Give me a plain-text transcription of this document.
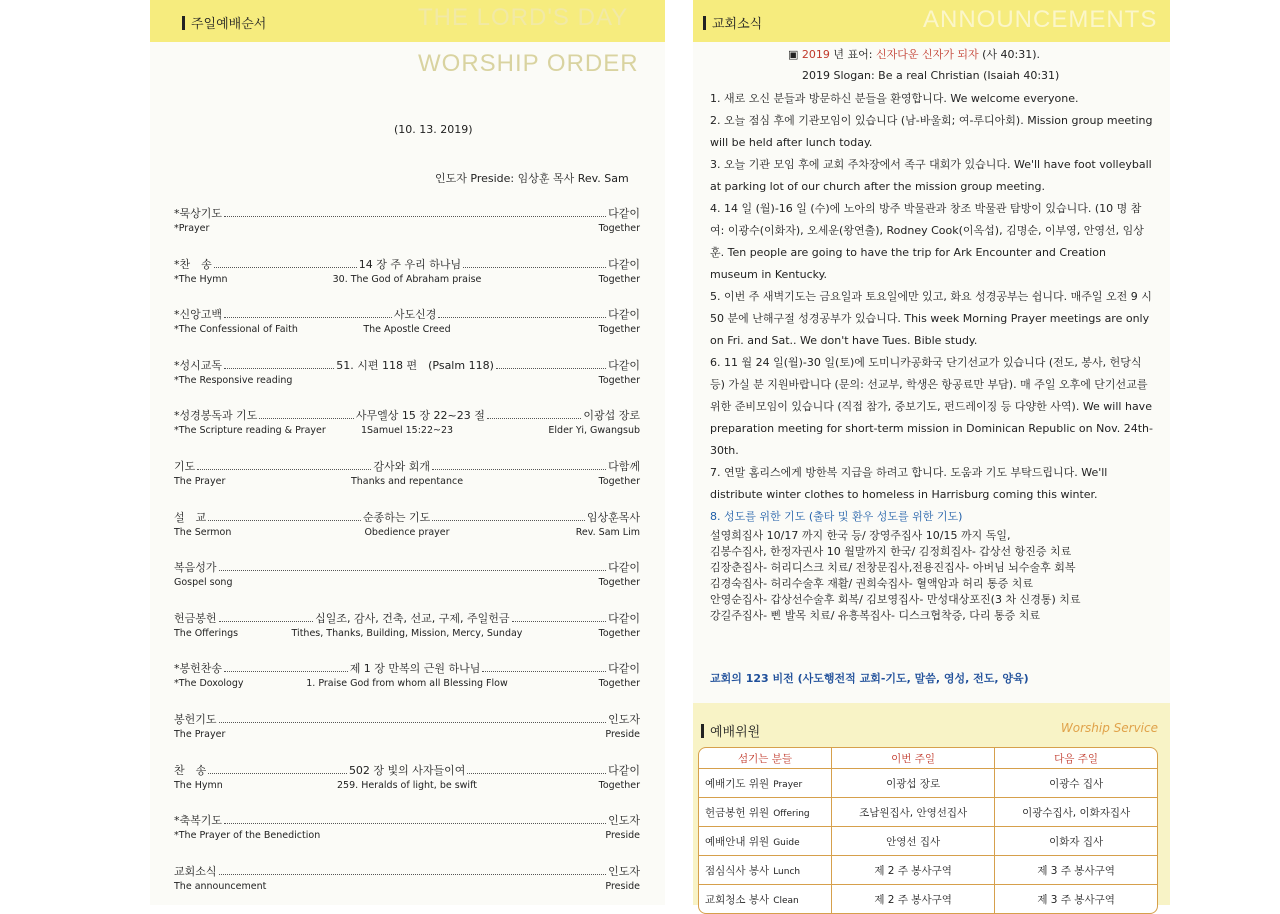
주일예배순서	THE LORD'S DAY
WORSHIP ORDER
(10. 13. 2019)
인도자 Preside: 임상훈 목사 Rev. Sam
*묵상기도	다같이
*Prayer	Together
*찬　송	14 장 주 우리 하나님	다같이
*The Hymn	30. The God of Abraham praise	Together
*신앙고백	사도신경	다같이
*The Confessional of Faith	The Apostle Creed	Together
*성시교독	51. 시편 118 편　(Psalm 118)	다같이
*The Responsive reading	Together
*성경봉독과 기도	사무엘상 15 장 22~23 절	이광섭 장로
*The Scripture reading & Prayer	1Samuel 15:22~23	Elder Yi, Gwangsub
기도	감사와 회개	다함께
The Prayer	Thanks and repentance	Together
설　교	순종하는 기도	임상훈목사
The Sermon	Obedience prayer	Rev. Sam Lim
복음성가	다같이
Gospel song	Together
헌금봉헌	십일조, 감사, 건축, 선교, 구제, 주일헌금	다같이
The Offerings	Tithes, Thanks, Building, Mission, Mercy, Sunday	Together
*봉헌찬송	제 1 장 만복의 근원 하나님	다같이
*The Doxology	1. Praise God from whom all Blessing Flow	Together
봉헌기도	인도자
The Prayer	Preside
찬　송	502 장 빛의 사자들이여	다같이
The Hymn	259. Heralds of light, be swift	Together
*축복기도	인도자
*The Prayer of the Benediction	Preside
교회소식	인도자
The announcement	Preside
교회소식	ANNOUNCEMENTS
▣ 2019 년 표어: 신자다운 신자가 되자 (사 40:31).
2019 Slogan: Be a real Christian (Isaiah 40:31)

1. 새로 오신 분들과 방문하신 분들을 환영합니다. We welcome everyone.

2. 오늘 점심 후에 기관모임이 있습니다 (남-바울회; 여-루디아회). Mission group meeting will be held after lunch today.

3. 오늘 기관 모임 후에 교회 주차장에서 족구 대회가 있습니다. We'll have foot volleyball at parking lot of our church after the mission group meeting.

4. 14 일 (월)-16 일 (수)에 노아의 방주 박물관과 창조 박물관 탐방이 있습니다. (10 명 참여: 이광수(이화자), 오세운(왕연출), Rodney Cook(이옥섭), 김명순, 이부영, 안영선, 임상훈. Ten people are going to have the trip for Ark Encounter and Creation museum in Kentucky.

5. 이번 주 새벽기도는 금요일과 토요일에만 있고, 화요 성경공부는 쉽니다. 매주일 오전 9 시 50 분에 난해구절 성경공부가 있습니다. This week Morning Prayer meetings are only on Fri. and Sat.. We don't have Tues. Bible study.

6. 11 월 24 일(월)-30 일(토)에 도미니카공화국 단기선교가 있습니다 (전도, 봉사, 헌당식 등) 가실 분 지원바랍니다 (문의: 선교부, 학생은 항공료만 부담). 매 주일 오후에 단기선교를 위한 준비모임이 있습니다 (직접 참가, 중보기도, 펀드레이징 등 다양한 사역). We will have preparation meeting for short-term mission in Dominican Republic on Nov. 24th-30th.

7. 연말 홈리스에게 방한복 지급을 하려고 합니다. 도움과 기도 부탁드립니다. We'll distribute winter clothes to homeless in Harrisburg coming this winter.

8. 성도를 위한 기도 (출타 및 환우 성도를 위한 기도)

설영희집사 10/17 까지 한국 등/ 장영주집사 10/15 까지 독일,
김봉수집사, 한정자권사 10 월말까지 한국/ 김정희집사- 갑상선 항진증 치료
김장춘집사- 허리디스크 치료/ 전창문집사,전용진집사- 아버님 뇌수술후 회복
김경숙집사- 허리수술후 재활/ 권희숙집사- 혈액암과 허리 통증 치료
안영순집사- 갑상선수술후 회복/ 김보영집사- 만성대상포진(3 차 신경통) 치료
강길주집사- 삔 발목 치료/ 유흥복집사- 디스크협착증, 다리 통증 치료
교회의 123 비전 (사도행전적 교회-기도, 말씀, 영성, 전도, 양육)
예배위원	Worship Service
섬기는 분들	이번 주일	다음 주일
예배기도 위원 Prayer	이광섭 장로	이광수 집사
헌금봉헌 위원 Offering	조남원집사, 안영선집사	이광수집사, 이화자집사
예배안내 위원 Guide	안영선 집사	이화자 집사
점심식사 봉사 Lunch	제 2 주 봉사구역	제 3 주 봉사구역
교회청소 봉사 Clean	제 2 주 봉사구역	제 3 주 봉사구역
